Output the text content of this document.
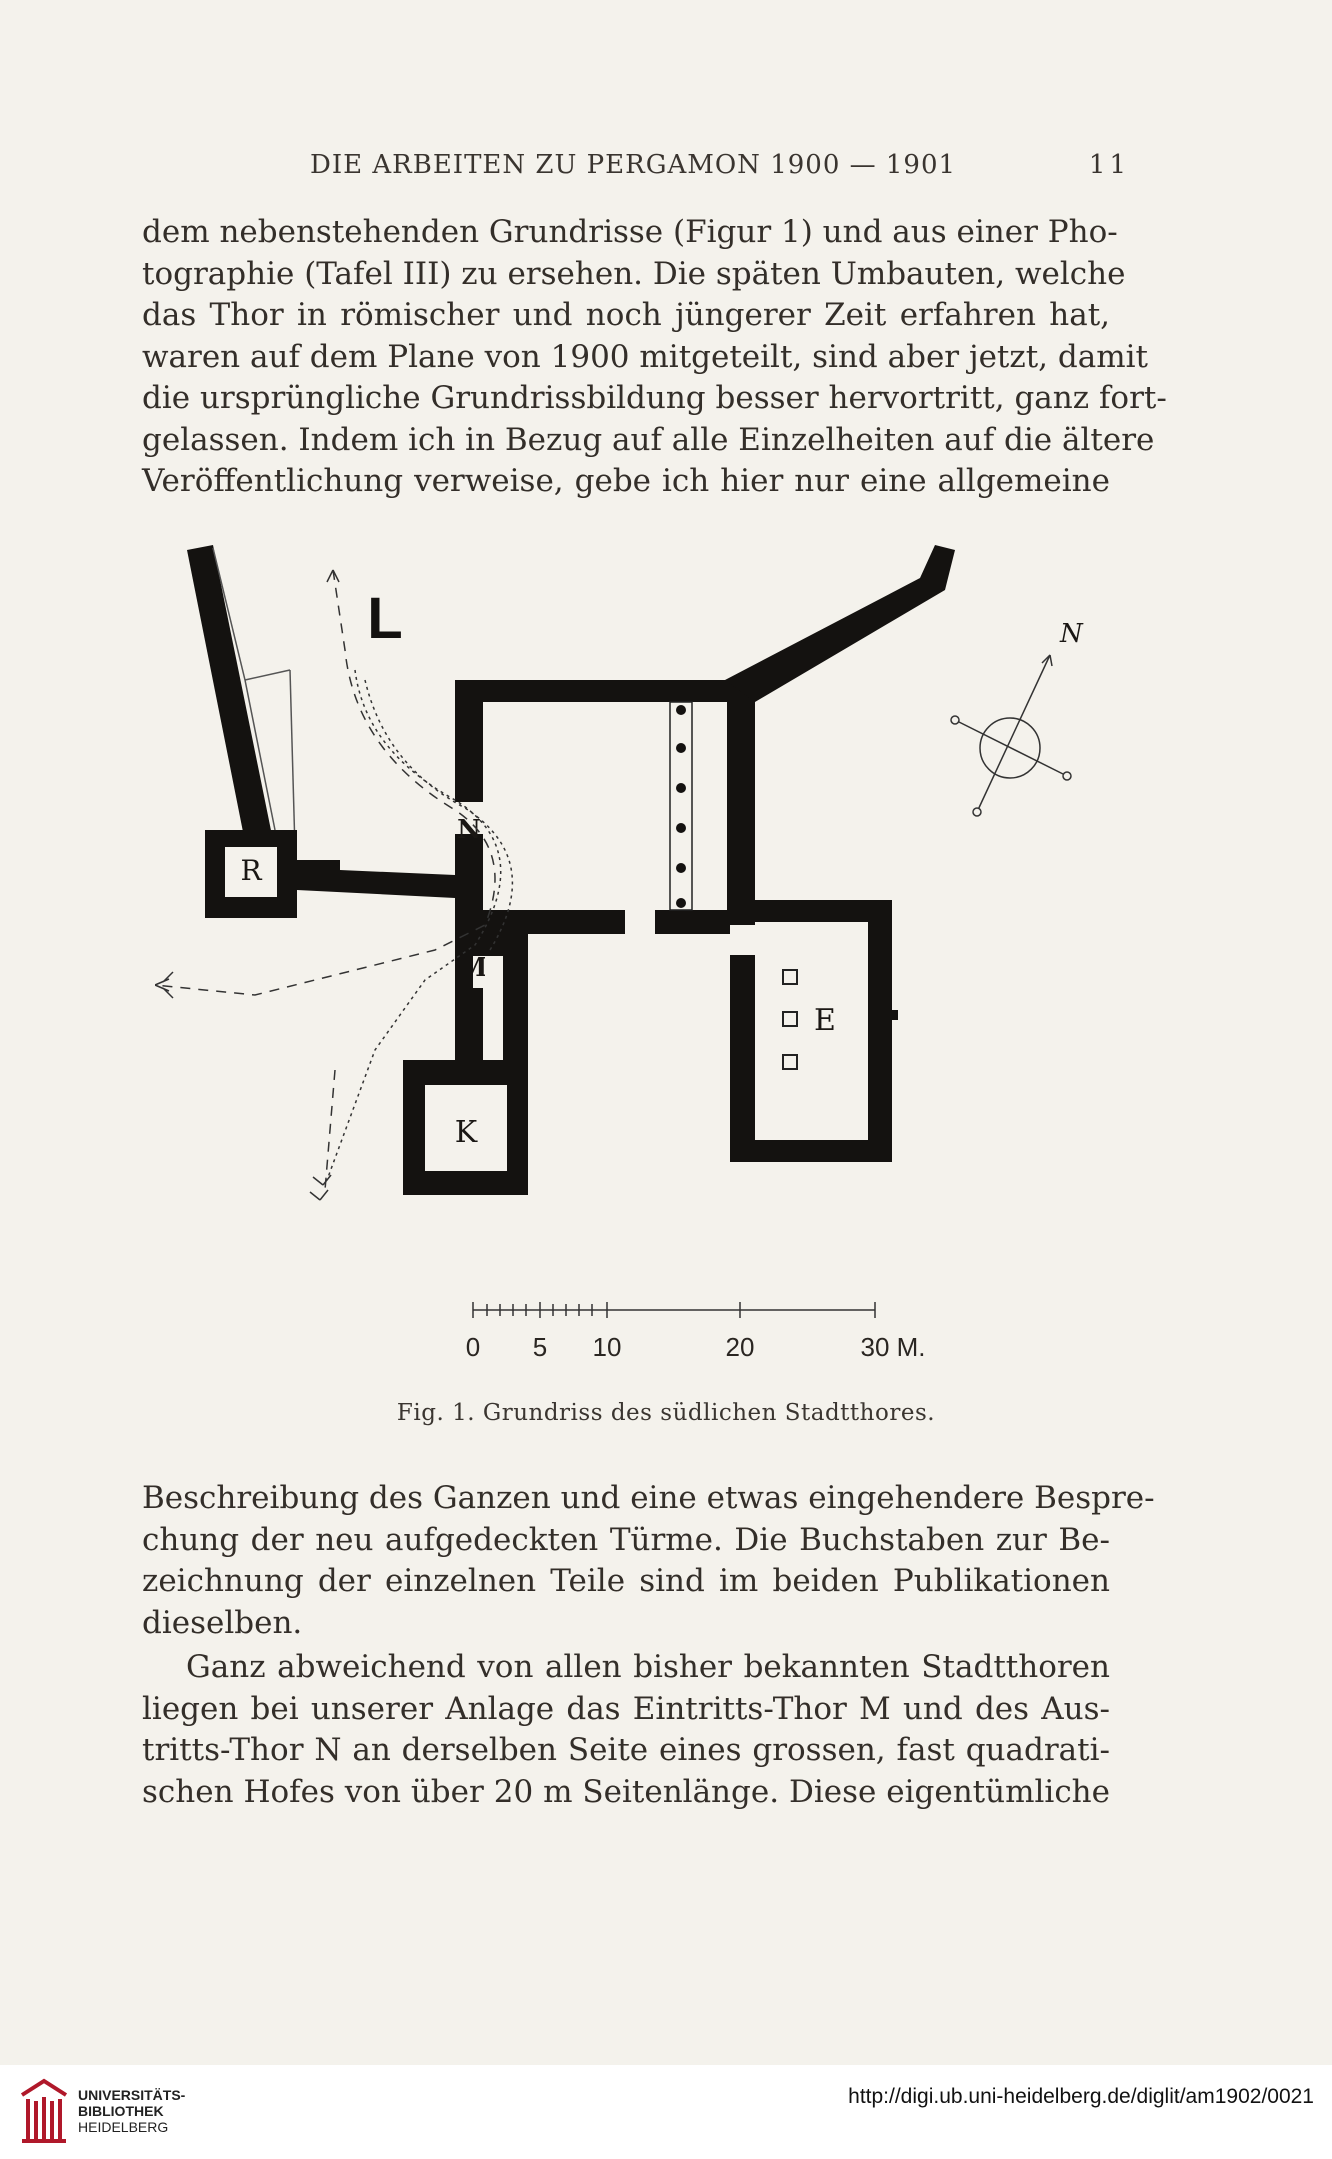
DIE ARBEITEN ZU PERGAMON 1900 — 1901	11
dem nebenstehenden Grundrisse (Figur 1) und aus einer Pho-
tographie (Tafel III) zu ersehen. Die späten Umbauten, welche
das Thor in römischer und noch jüngerer Zeit erfahren hat,
waren auf dem Plane von 1900 mitgeteilt, sind aber jetzt, damit
die ursprüngliche Grundrissbildung besser hervortritt, ganz fort-
gelassen. Indem ich in Bezug auf alle Einzelheiten auf die ältere
Veröffentlichung verweise, gebe ich hier nur eine allgemeine
R
N
K
E
L	N
0 5 10	20	30 M.
Fig. 1. Grundriss des südlichen Stadtthores.
Beschreibung des Ganzen und eine etwas eingehendere Bespre-
chung der neu aufgedeckten Türme. Die Buchstaben zur Be-
zeichnung der einzelnen Teile sind im beiden Publikationen
dieselben.
Ganz abweichend von allen bisher bekannten Stadtthoren
liegen bei unserer Anlage das Eintritts-Thor M und des Aus-
tritts-Thor N an derselben Seite eines grossen, fast quadrati-
schen Hofes von über 20 m Seitenlänge. Diese eigentümliche
UNIVERSITÄTS-
BIBLIOTHEK
HEIDELBERG
http://digi.ub.uni-heidelberg.de/diglit/am1902/0021
